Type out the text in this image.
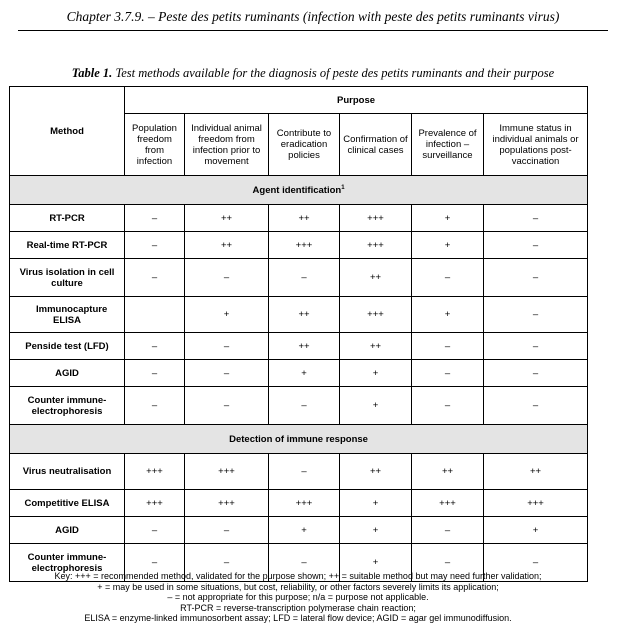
Chapter 3.7.9. – Peste des petits ruminants (infection with peste des petits ruminants virus)
Table 1. Test methods available for the diagnosis of peste des petits ruminants and their purpose
Method	Purpose					
	Population freedom from infection	Individual animal freedom from infection prior to movement	Contribute to eradication policies	Confirmation of clinical cases	Prevalence of infection – surveillance	Immune status in individual animals or populations post-vaccination
Agent identification$^1$
RT-PCR	–	++	++	+++	+	–
Real-time RT-PCR	–	++	+++	+++	+	–
Virus isolation in cell culture	–	–	–	++	–	–
Immunocapture ELISA		+	++	+++	+	–
Penside test (LFD)	–	–	++	++	–	–
AGID	–	–	+	+	–	–
Counter immune-electrophoresis	–	–	–	+	–	–
Detection of immune response						
Virus neutralisation	+++	+++	–	++	++	++
Competitive ELISA	+++	+++	+++	+	+++	+++
AGID	–	–	+	+	–	+
Counter immune-electrophoresis	–	–	–	+	–	–
Key: +++ = recommended method, validated for the purpose shown; ++ = suitable method but may need further validation;
+ = may be used in some situations, but cost, reliability, or other factors severely limits its application;
– = not appropriate for this purpose; n/a = purpose not applicable.
RT-PCR = reverse-transcription polymerase chain reaction;
ELISA = enzyme-linked immunosorbent assay; LFD = lateral flow device; AGID = agar gel immunodiffusion.
